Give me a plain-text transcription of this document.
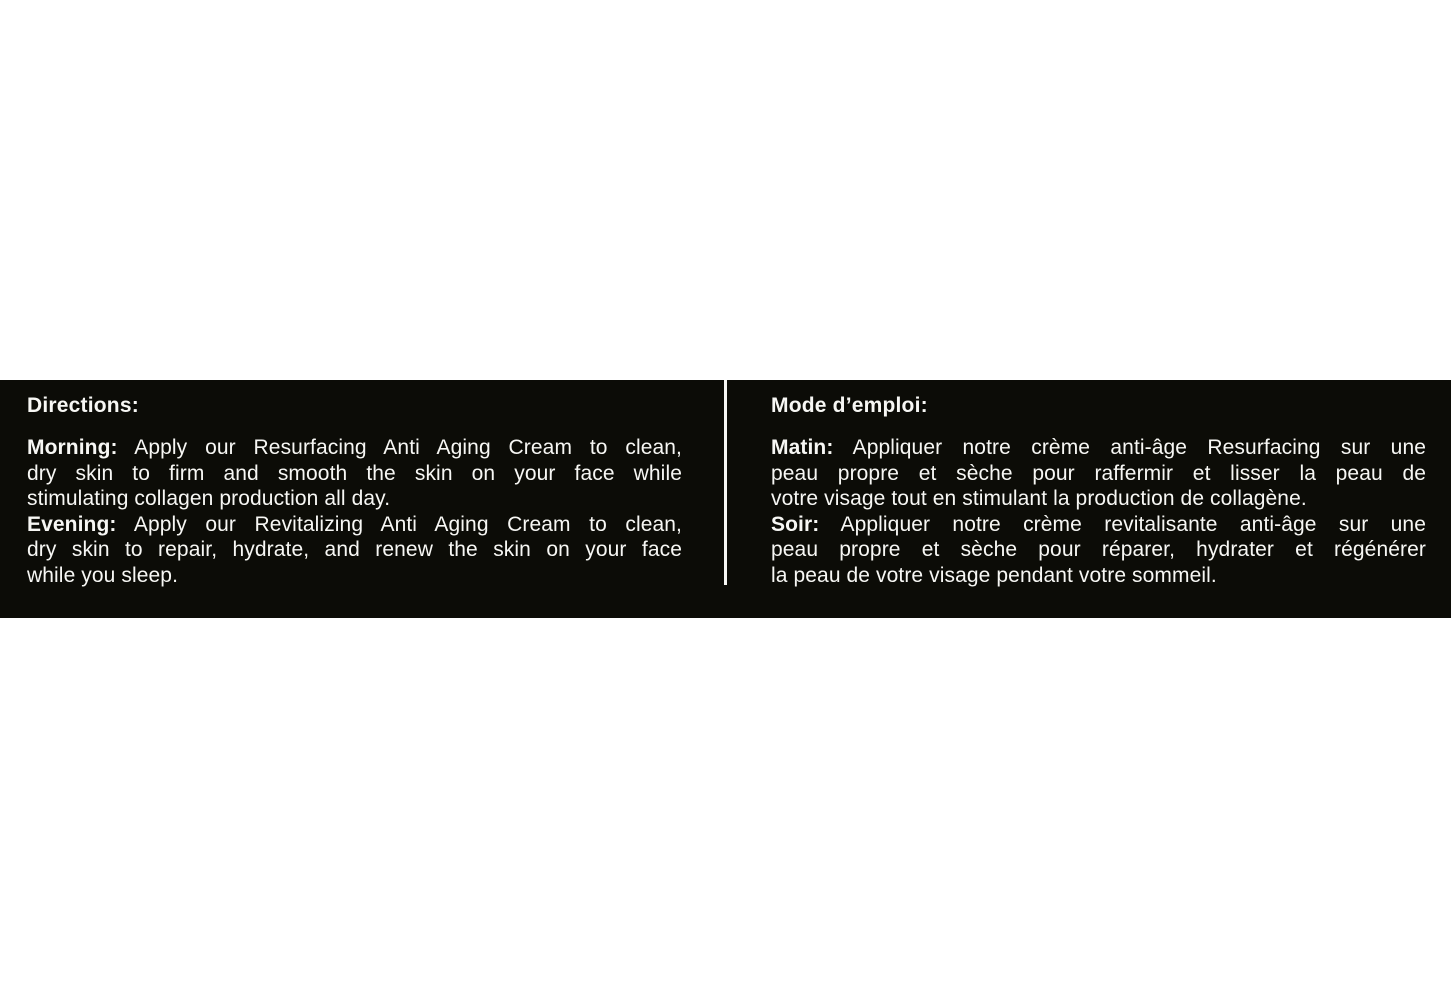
Directions:
Morning: Apply our Resurfacing Anti Aging Cream to clean,
dry skin to firm and smooth the skin on your face while
stimulating collagen production all day.
Evening: Apply our Revitalizing Anti Aging Cream to clean,
dry skin to repair, hydrate, and renew the skin on your face
while you sleep.
Mode d’emploi:
Matin: Appliquer notre crème anti-âge Resurfacing sur une
peau propre et sèche pour raffermir et lisser la peau de
votre visage tout en stimulant la production de collagène.
Soir: Appliquer notre crème revitalisante anti-âge sur une
peau propre et sèche pour réparer, hydrater et régénérer
la peau de votre visage pendant votre sommeil.
